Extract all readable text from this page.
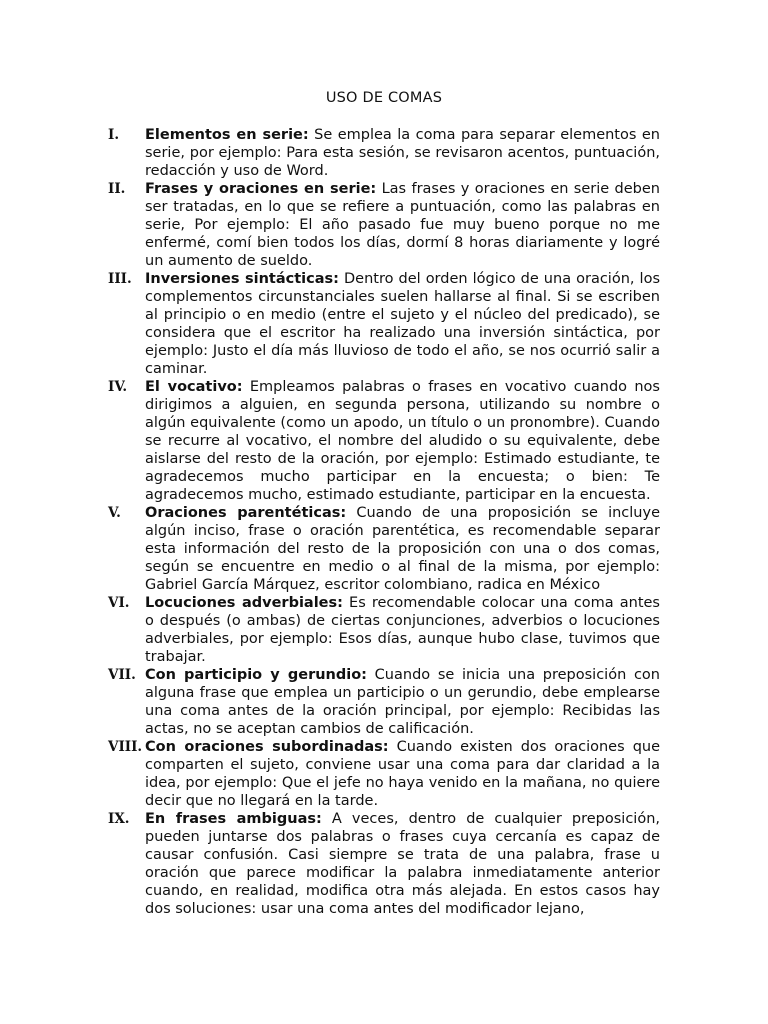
USO DE COMAS
I. Elementos en serie: Se emplea la coma para separar elementos en serie, por ejemplo: Para esta sesión, se revisaron acentos, puntuación, redacción y uso de Word.
II. Frases y oraciones en serie: Las frases y oraciones en serie deben ser tratadas, en lo que se refiere a puntuación, como las palabras en serie, Por ejemplo: El año pasado fue muy bueno porque no me enfermé, comí bien todos los días, dormí 8 horas diariamente y logré un aumento de sueldo.
III. Inversiones sintácticas: Dentro del orden lógico de una oración, los complementos circunstanciales suelen hallarse al final. Si se escriben al principio o en medio (entre el sujeto y el núcleo del predicado), se considera que el escritor ha realizado una inversión sintáctica, por ejemplo: Justo el día más lluvioso de todo el año, se nos ocurrió salir a caminar.
IV. El vocativo: Empleamos palabras o frases en vocativo cuando nos dirigimos a alguien, en segunda persona, utilizando su nombre o algún equivalente (como un apodo, un título o un pronombre). Cuando se recurre al vocativo, el nombre del aludido o su equivalente, debe aislarse del resto de la oración, por ejemplo: Estimado estudiante, te agradecemos mucho participar en la encuesta; o bien: Te agradecemos mucho, estimado estudiante, participar en la encuesta.
V. Oraciones parentéticas: Cuando de una proposición se incluye algún inciso, frase o oración parentética, es recomendable separar esta información del resto de la proposición con una o dos comas, según se encuentre en medio o al final de la misma, por ejemplo: Gabriel García Márquez, escritor colombiano, radica en México
VI. Locuciones adverbiales: Es recomendable colocar una coma antes o después (o ambas) de ciertas conjunciones, adverbios o locuciones adverbiales, por ejemplo: Esos días, aunque hubo clase, tuvimos que trabajar.
VII. Con participio y gerundio: Cuando se inicia una preposición con alguna frase que emplea un participio o un gerundio, debe emplearse una coma antes de la oración principal, por ejemplo: Recibidas las actas, no se aceptan cambios de calificación.
VIII. Con oraciones subordinadas: Cuando existen dos oraciones que comparten el sujeto, conviene usar una coma para dar claridad a la idea, por ejemplo: Que el jefe no haya venido en la mañana, no quiere decir que no llegará en la tarde.
IX. En frases ambiguas: A veces, dentro de cualquier preposición, pueden juntarse dos palabras o frases cuya cercanía es capaz de causar confusión. Casi siempre se trata de una palabra, frase u oración que parece modificar la palabra inmediatamente anterior cuando, en realidad, modifica otra más alejada. En estos casos hay dos soluciones: usar una coma antes del modificador lejano,
